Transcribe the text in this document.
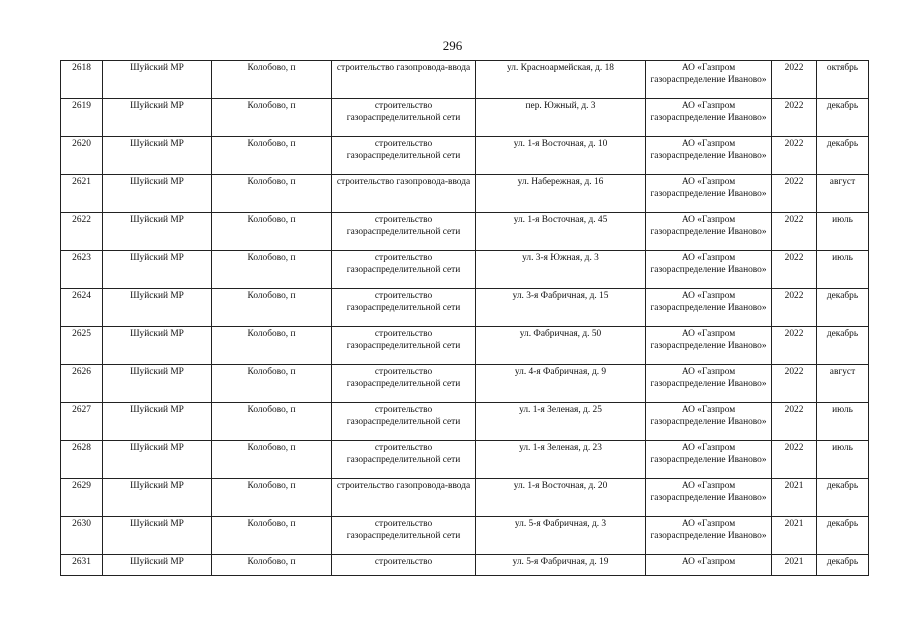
296
2618	Шуйский МР	Колобово, п	строительство газопровода-ввода	ул. Красноармейская, д. 18	АО «Газпром газораспределение Иваново»	2022	октябрь
2619	Шуйский МР	Колобово, п	строительство газораспределительной сети	пер. Южный, д. 3	АО «Газпром газораспределение Иваново»	2022	декабрь
2620	Шуйский МР	Колобово, п	строительство газораспределительной сети	ул. 1-я Восточная, д. 10	АО «Газпром газораспределение Иваново»	2022	декабрь
2621	Шуйский МР	Колобово, п	строительство газопровода-ввода	ул. Набережная, д. 16	АО «Газпром газораспределение Иваново»	2022	август
2622	Шуйский МР	Колобово, п	строительство газораспределительной сети	ул. 1-я Восточная, д. 45	АО «Газпром газораспределение Иваново»	2022	июль
2623	Шуйский МР	Колобово, п	строительство газораспределительной сети	ул. 3-я Южная, д. 3	АО «Газпром газораспределение Иваново»	2022	июль
2624	Шуйский МР	Колобово, п	строительство газораспределительной сети	ул. 3-я Фабричная, д. 15	АО «Газпром газораспределение Иваново»	2022	декабрь
2625	Шуйский МР	Колобово, п	строительство газораспределительной сети	ул. Фабричная, д. 50	АО «Газпром газораспределение Иваново»	2022	декабрь
2626	Шуйский МР	Колобово, п	строительство газораспределительной сети	ул. 4-я Фабричная, д. 9	АО «Газпром газораспределение Иваново»	2022	август
2627	Шуйский МР	Колобово, п	строительство газораспределительной сети	ул. 1-я Зеленая, д. 25	АО «Газпром газораспределение Иваново»	2022	июль
2628	Шуйский МР	Колобово, п	строительство газораспределительной сети	ул. 1-я Зеленая, д. 23	АО «Газпром газораспределение Иваново»	2022	июль
2629	Шуйский МР	Колобово, п	строительство газопровода-ввода	ул. 1-я Восточная, д. 20	АО «Газпром газораспределение Иваново»	2021	декабрь
2630	Шуйский МР	Колобово, п	строительство газораспределительной сети	ул. 5-я Фабричная, д. 3	АО «Газпром газораспределение Иваново»	2021	декабрь
2631	Шуйский МР	Колобово, п	строительство	ул. 5-я Фабричная, д. 19	АО «Газпром	2021	декабрь
